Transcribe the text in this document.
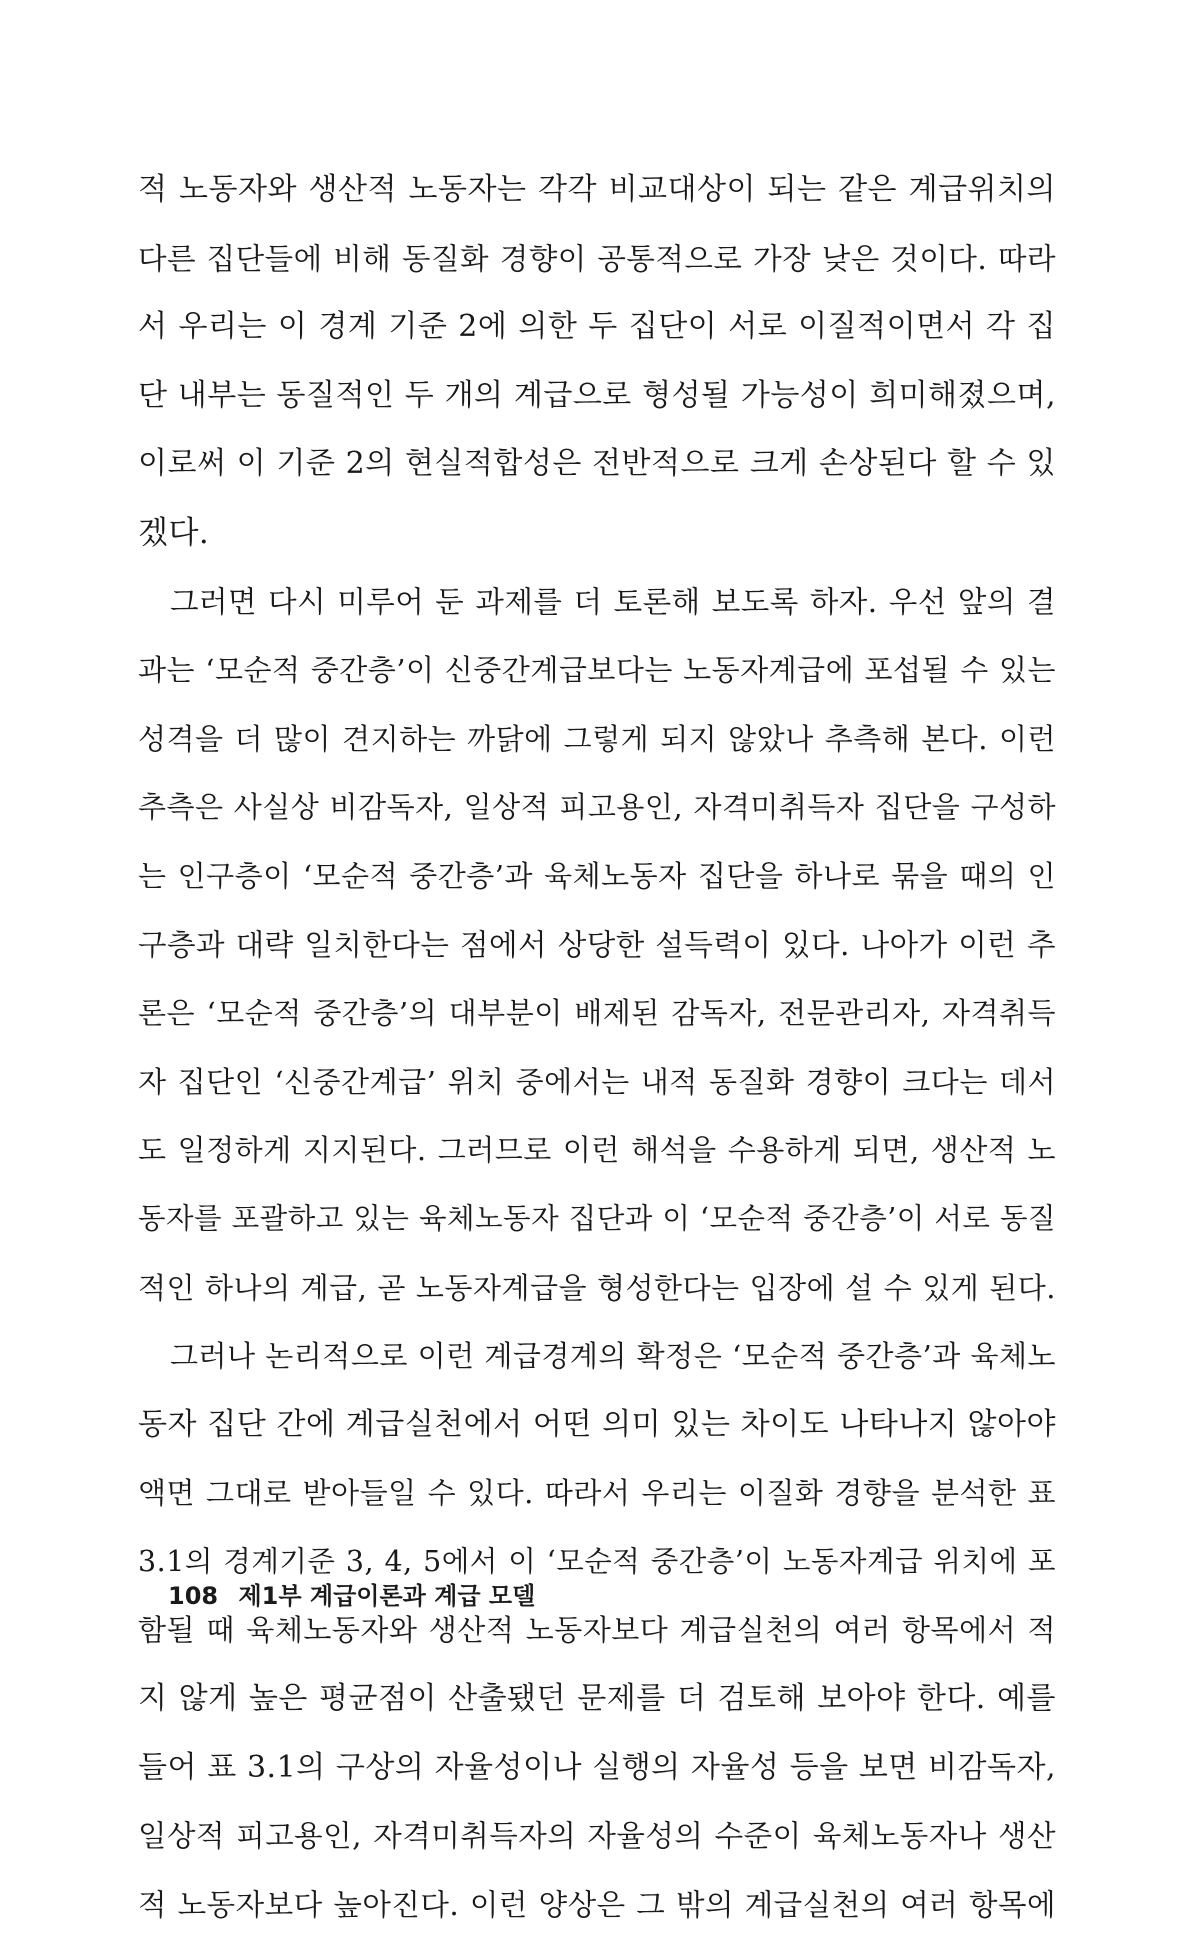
적 노동자와 생산적 노동자는 각각 비교대상이 되는 같은 계급위치의
다른 집단들에 비해 동질화 경향이 공통적으로 가장 낮은 것이다. 따라
서 우리는 이 경계 기준 2에 의한 두 집단이 서로 이질적이면서 각 집
단 내부는 동질적인 두 개의 계급으로 형성될 가능성이 희미해졌으며,
이로써 이 기준 2의 현실적합성은 전반적으로 크게 손상된다 할 수 있
겠다.
그러면 다시 미루어 둔 과제를 더 토론해 보도록 하자. 우선 앞의 결
과는 ‘모순적 중간층’이 신중간계급보다는 노동자계급에 포섭될 수 있는
성격을 더 많이 견지하는 까닭에 그렇게 되지 않았나 추측해 본다. 이런
추측은 사실상 비감독자, 일상적 피고용인, 자격미취득자 집단을 구성하
는 인구층이 ‘모순적 중간층’과 육체노동자 집단을 하나로 묶을 때의 인
구층과 대략 일치한다는 점에서 상당한 설득력이 있다. 나아가 이런 추
론은 ‘모순적 중간층’의 대부분이 배제된 감독자, 전문관리자, 자격취득
자 집단인 ‘신중간계급’ 위치 중에서는 내적 동질화 경향이 크다는 데서
도 일정하게 지지된다. 그러므로 이런 해석을 수용하게 되면, 생산적 노
동자를 포괄하고 있는 육체노동자 집단과 이 ‘모순적 중간층’이 서로 동질
적인 하나의 계급, 곧 노동자계급을 형성한다는 입장에 설 수 있게 된다.
그러나 논리적으로 이런 계급경계의 확정은 ‘모순적 중간층’과 육체노
동자 집단 간에 계급실천에서 어떤 의미 있는 차이도 나타나지 않아야
액면 그대로 받아들일 수 있다. 따라서 우리는 이질화 경향을 분석한 표
3.1의 경계기준 3, 4, 5에서 이 ‘모순적 중간층’이 노동자계급 위치에 포
함될 때 육체노동자와 생산적 노동자보다 계급실천의 여러 항목에서 적
지 않게 높은 평균점이 산출됐던 문제를 더 검토해 보아야 한다. 예를
들어 표 3.1의 구상의 자율성이나 실행의 자율성 등을 보면 비감독자,
일상적 피고용인, 자격미취득자의 자율성의 수준이 육체노동자나 생산
적 노동자보다 높아진다. 이런 양상은 그 밖의 계급실천의 여러 항목에
108 제1부 계급이론과 계급 모델
